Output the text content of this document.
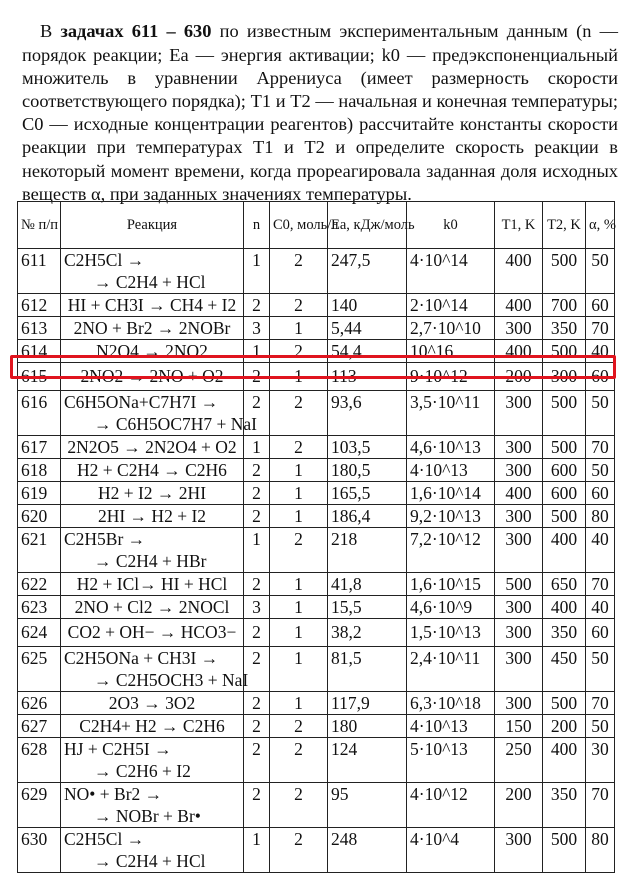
В задачах 611 – 630 по известным экспериментальным данным (n — порядок реакции; Eа — энергия активации; k0 — предэкспоненциальный множитель в уравнении Аррениуса (имеет размерность скорости соответствующего порядка); T1 и T2 — начальная и конечная температуры; C0 — исходные концентрации реагентов) рассчитайте константы скорости реакции при температурах T1 и T2 и определите скорость реакции в некоторый момент времени, когда прореагировала заданная доля исходных веществ α, при заданных значениях температуры.

№ п/п	Реакция	n	C0, моль/л	Eа, кДж/моль	k0	T1, K	T2, K	α, %
611	C2H5Cl →
→ C2H4 + HCl	1	2	247,5	4·10^14	400	500	50
612	HI + CH3I → CH4 + I2	2	2	140	2·10^14	400	700	60
613	2NO + Br2 → 2NOBr	3	1	5,44	2,7·10^10	300	350	70
614	N2O4 → 2NO2	1	2	54,4	10^16	400	500	40
615	2NO2 → 2NO + O2	2	1	113	9·10^12	200	300	60
616	C6H5ONa+C7H7I →
→ C6H5OC7H7 + NaI	2	2	93,6	3,5·10^11	300	500	50
617	2N2O5 → 2N2O4 + O2	1	2	103,5	4,6·10^13	300	500	70
618	H2 + C2H4 → C2H6	2	1	180,5	4·10^13	300	600	50
619	H2 + I2 → 2HI	2	1	165,5	1,6·10^14	400	600	60
620	2HI → H2 + I2	2	1	186,4	9,2·10^13	300	500	80
621	C2H5Br →
→ C2H4 + HBr	1	2	218	7,2·10^12	300	400	40
622	H2 + ICl→ HI + HCl	2	1	41,8	1,6·10^15	500	650	70
623	2NO + Cl2 → 2NOCl	3	1	15,5	4,6·10^9	300	400	40
624	CO2 + OH− → HCO3−	2	1	38,2	1,5·10^13	300	350	60
625	C2H5ONa + CH3I →
→ C2H5OCH3 + NaI	2	1	81,5	2,4·10^11	300	450	50
626	2O3 → 3O2	2	1	117,9	6,3·10^18	300	500	70
627	C2H4+ H2 → C2H6	2	2	180	4·10^13	150	200	50
628	HJ + C2H5I →
→ C2H6 + I2	2	2	124	5·10^13	250	400	30
629	NO• + Br2 →
→ NOBr + Br•	2	2	95	4·10^12	200	350	70
630	C2H5Cl →
→ C2H4 + HCl	1	2	248	4·10^4	300	500	80
